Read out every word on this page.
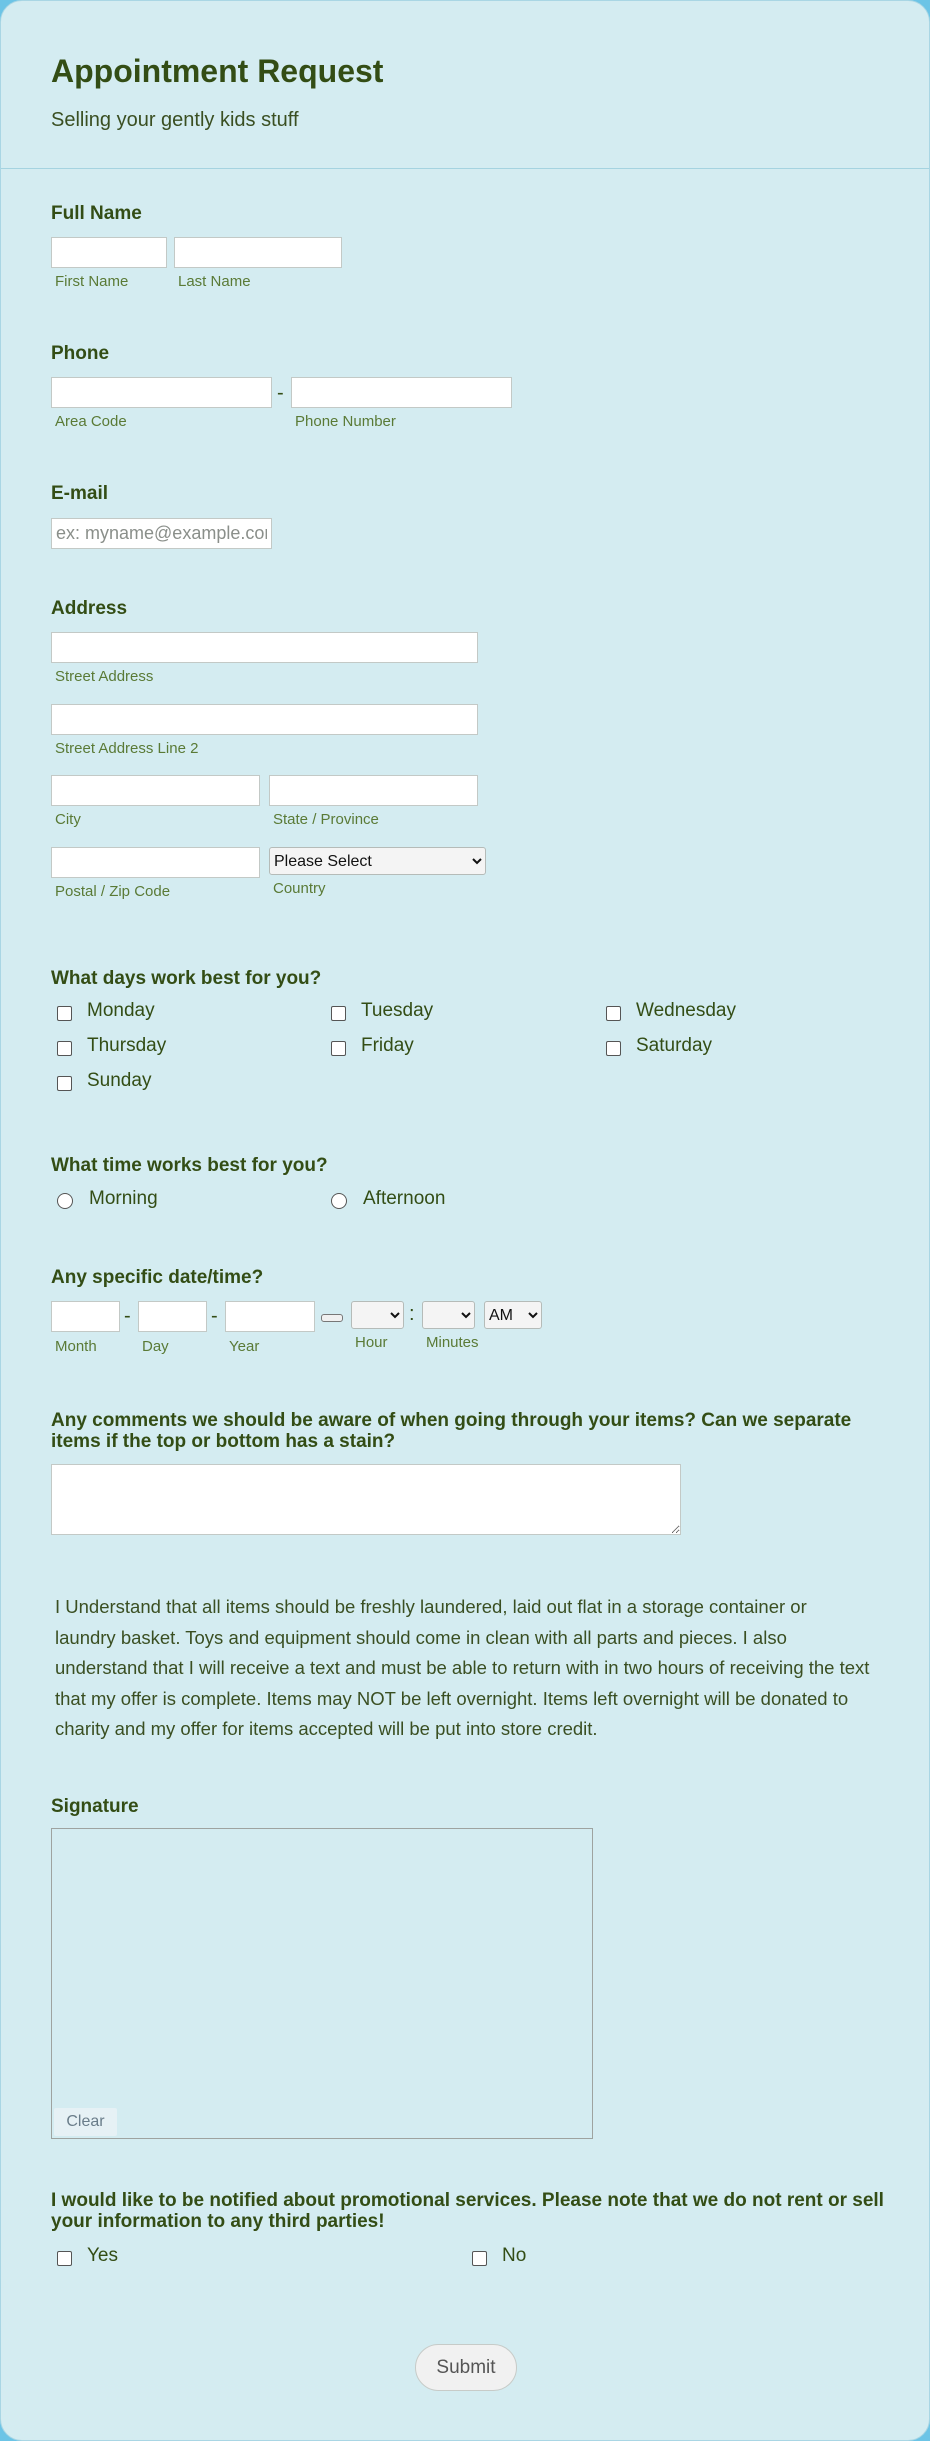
Appointment Request
Selling your gently kids stuff
Full Name
First Name	Last Name
Phone
-
Area Code	Phone Number
E-mail
ex: myname@example.com
Address
Street Address
Street Address Line 2
City	State / Province
Please Select
Postal / Zip Code	Country
What days work best for you?
Monday	Tuesday	Wednesday
Thursday	Friday	Saturday
Sunday
What time works best for you?
Morning	Afternoon
Any specific date/time?
-	-	:
AM
Month	Day	Year	Hour	Minutes
Any comments we should be aware of when going through your items? Can we separate items if the top or bottom has a stain?
I Understand that all items should be freshly laundered, laid out flat in a storage container or laundry basket. Toys and equipment should come in clean with all parts and pieces. I also understand that I will receive a text and must be able to return with in two hours of receiving the text that my offer is complete. Items may NOT be left overnight. Items left overnight will be donated to charity and my offer for items accepted will be put into store credit.
Signature
Clear
I would like to be notified about promotional services. Please note that we do not rent or sell your information to any third parties!
Yes	No
Submit
